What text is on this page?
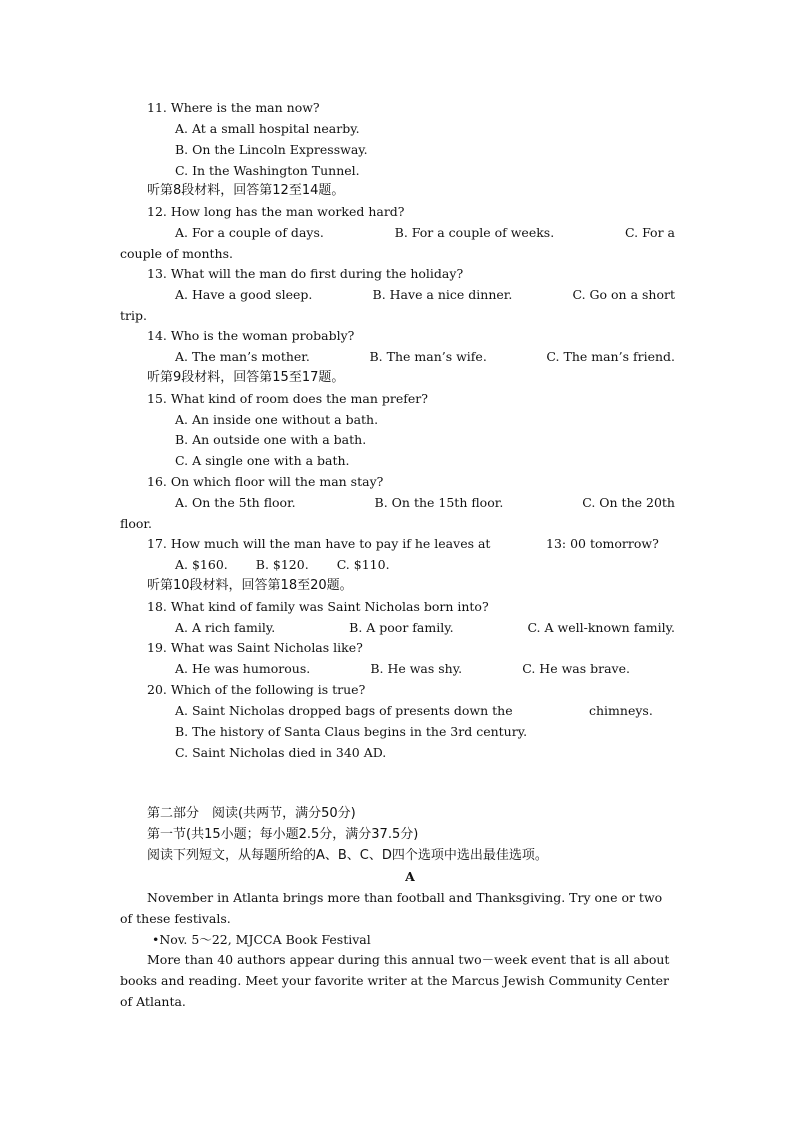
11. Where is the man now?
A. At a small hospital nearby.
B. On the Lincoln Expressway.
C. In the Washington Tunnel.
听第8段材料，回答第12至14题。
12. How long has the man worked hard?
A. For a couple of days.	B. For a couple of weeks.	C. For a
couple of months.
13. What will the man do first during the holiday?
A. Have a good sleep.	B. Have a nice dinner.	C. Go on a short
trip.
14. Who is the woman probably?
A. The man’s mother.	B. The man’s wife.	C. The man’s friend.
听第9段材料，回答第15至17题。
15. What kind of room does the man prefer?
A. An inside one without a bath.
B. An outside one with a bath.
C. A single one with a bath.
16. On which floor will the man stay?
A. On the 5th floor.	B. On the 15th floor.	C. On the 20th
floor.
17. How much will the man have to pay if he leaves at	13: 00 tomorrow?
A. $160. B. $120. C. $110.
听第10段材料，回答第18至20题。
18. What kind of family was Saint Nicholas born into?
A. A rich family.	B. A poor family.	C. A well-known family.
19. What was Saint Nicholas like?
A. He was humorous.	B. He was shy.	C. He was brave.
20. Which of the following is true?
A. Saint Nicholas dropped bags of presents down the	chimneys.
B. The history of Santa Claus begins in the 3rd century.
C. Saint Nicholas died in 340 AD.
第二部分　阅读(共两节，满分50分)
第一节(共15小题；每小题2.5分，满分37.5分)
阅读下列短文，从每题所给的A、B、C、D四个选项中选出最佳选项。
A
November in Atlanta brings more than football and Thanksgiving. Try one or two
of these festivals.
•Nov. 5～22, MJCCA Book Festival
More than 40 authors appear during this annual two－week event that is all about
books and reading. Meet your favorite writer at the Marcus Jewish Community Center
of Atlanta.
